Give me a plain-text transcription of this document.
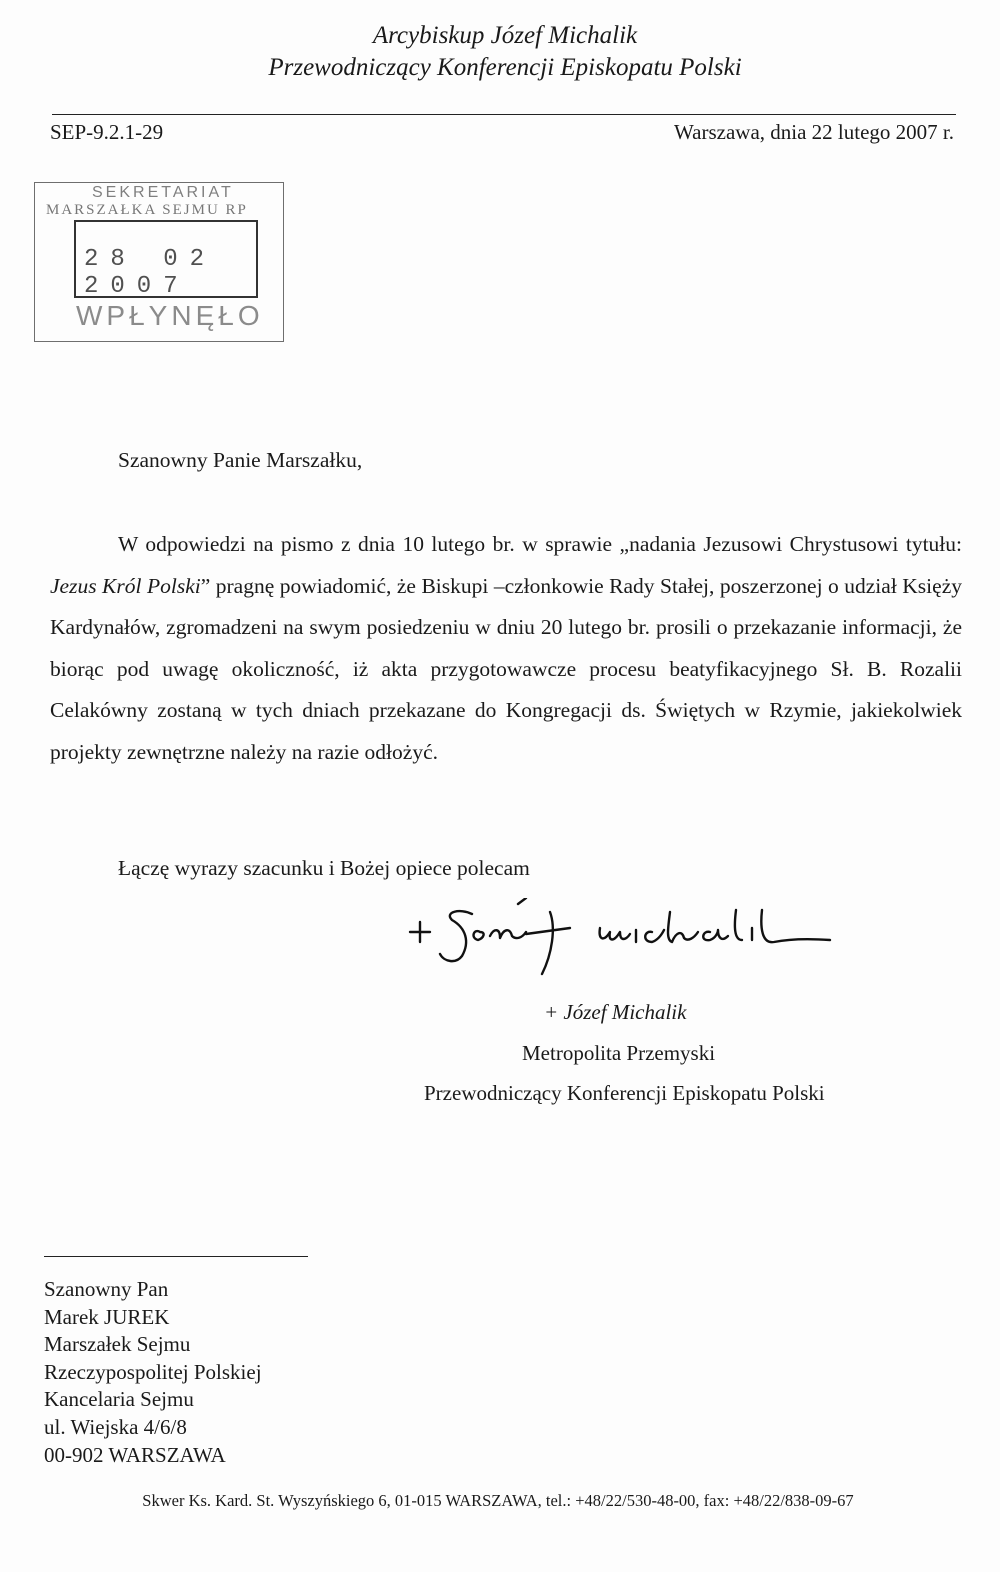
Arcybiskup Józef Michalik
Przewodniczący Konferencji Episkopatu Polski
SEP-9.2.1-29	Warszawa, dnia 22 lutego 2007 r.
SEKRETARIAT
MARSZAŁKA SEJMU RP
28 02 2007
WPŁYNĘŁO
Szanowny Panie Marszałku,

W odpowiedzi na pismo z dnia 10 lutego br. w sprawie „nadania Jezusowi Chrystusowi tytułu: Jezus Król Polski” pragnę powiadomić, że Biskupi –członkowie Rady Stałej, poszerzonej o udział Księży Kardynałów, zgromadzeni na swym posiedzeniu w dniu 20 lutego br. prosili o przekazanie informacji, że biorąc pod uwagę okoliczność, iż akta przygotowawcze procesu beatyfikacyjnego Sł. B. Rozalii Celakówny zostaną w tych dniach przekazane do Kongregacji ds. Świętych w Rzymie, jakiekolwiek projekty zewnętrzne należy na razie odłożyć.

Łączę wyrazy szacunku i Bożej opiece polecam
+ Józef Michalik
Metropolita Przemyski
Przewodniczący Konferencji Episkopatu Polski
Szanowny Pan
Marek JUREK
Marszałek Sejmu
Rzeczypospolitej Polskiej
Kancelaria Sejmu
ul. Wiejska 4/6/8
00-902 WARSZAWA
Skwer Ks. Kard. St. Wyszyńskiego 6, 01-015 WARSZAWA, tel.: +48/22/530-48-00, fax: +48/22/838-09-67
